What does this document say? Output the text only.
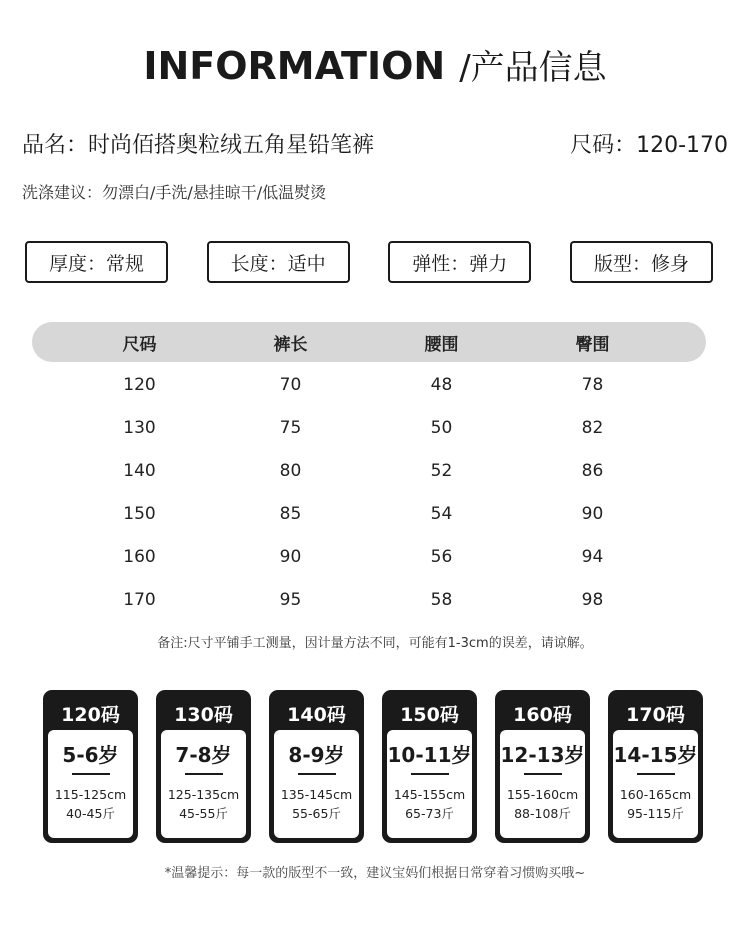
INFORMATION /产品信息
品名：时尚佰搭奥粒绒五角星铅笔裤	尺码：120-170
洗涤建议：勿漂白/手洗/悬挂晾干/低温熨烫
厚度：常规	长度：适中	弹性：弹力	版型：修身
尺码	裤长	腰围	臀围
120	70	48	78
130	75	50	82
140	80	52	86
150	85	54	90
160	90	56	94
170	95	58	98
备注:尺寸平铺手工测量，因计量方法不同，可能有1-3cm的误差，请谅解。
120码
5-6岁
115-125cm
40-45斤
130码
7-8岁
125-135cm
45-55斤
140码
8-9岁
135-145cm
55-65斤
150码
10-11岁
145-155cm
65-73斤
160码
12-13岁
155-160cm
88-108斤
170码
14-15岁
160-165cm
95-115斤
*温馨提示：每一款的版型不一致，建议宝妈们根据日常穿着习惯购买哦~
